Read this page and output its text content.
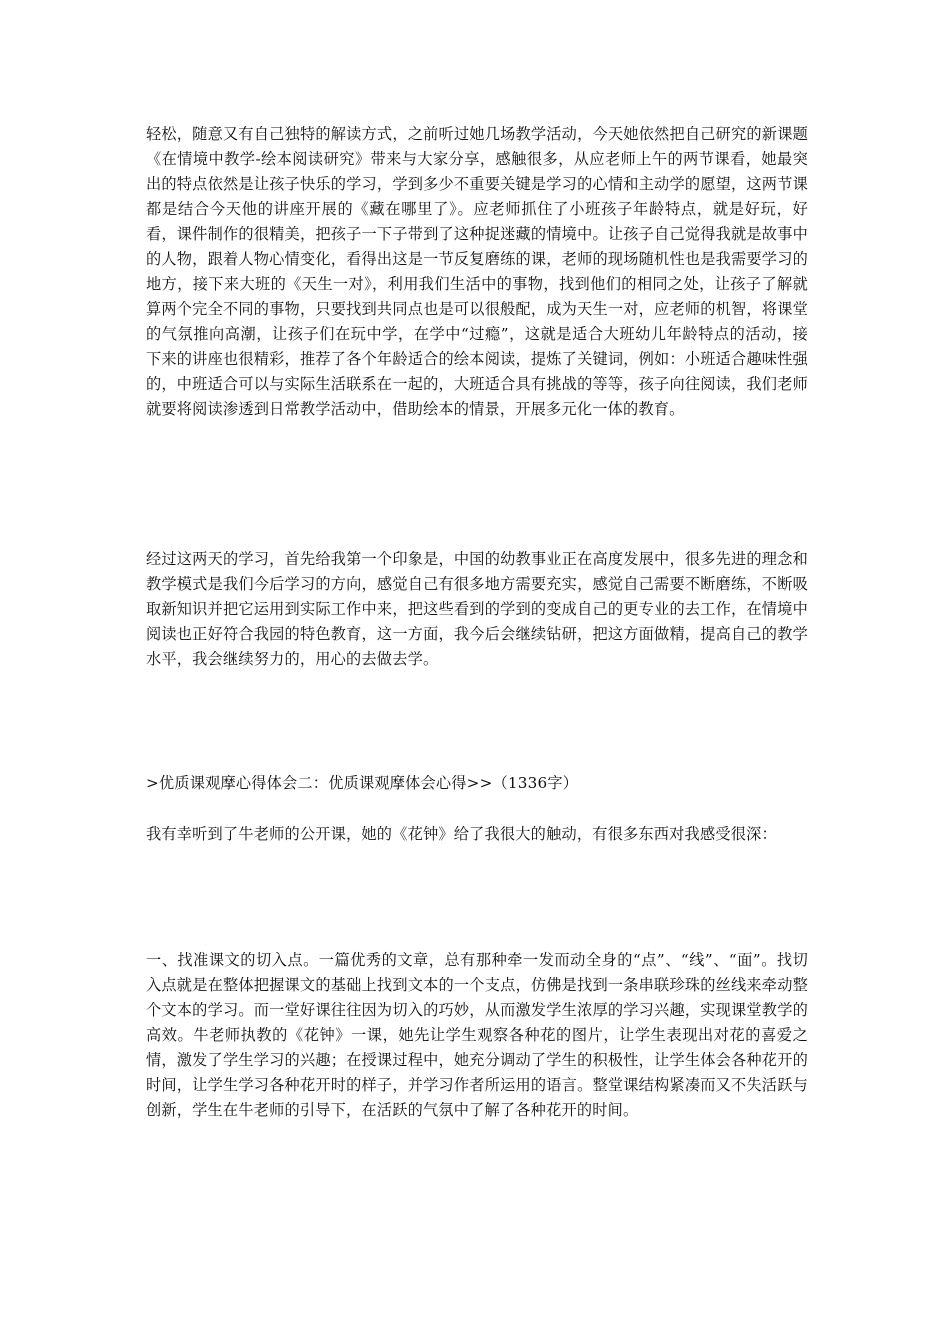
轻松，随意又有自己独特的解读方式，之前听过她几场教学活动，今天她依然把自己研究的新课题《在情境中教学-绘本阅读研究》带来与大家分享，感触很多，从应老师上午的两节课看，她最突出的特点依然是让孩子快乐的学习，学到多少不重要关键是学习的心情和主动学的愿望，这两节课都是结合今天他的讲座开展的《藏在哪里了》。应老师抓住了小班孩子年龄特点，就是好玩，好看，课件制作的很精美，把孩子一下子带到了这种捉迷藏的情境中。让孩子自己觉得我就是故事中的人物，跟着人物心情变化，看得出这是一节反复磨练的课，老师的现场随机性也是我需要学习的地方，接下来大班的《天生一对》，利用我们生活中的事物，找到他们的相同之处，让孩子了解就算两个完全不同的事物，只要找到共同点也是可以很般配，成为天生一对，应老师的机智，将课堂的气氛推向高潮，让孩子们在玩中学，在学中“过瘾”，这就是适合大班幼儿年龄特点的活动，接下来的讲座也很精彩，推荐了各个年龄适合的绘本阅读，提炼了关键词，例如：小班适合趣味性强的，中班适合可以与实际生活联系在一起的，大班适合具有挑战的等等，孩子向往阅读，我们老师就要将阅读渗透到日常教学活动中，借助绘本的情景，开展多元化一体的教育。

经过这两天的学习，首先给我第一个印象是，中国的幼教事业正在高度发展中，很多先进的理念和教学模式是我们今后学习的方向，感觉自己有很多地方需要充实，感觉自己需要不断磨练，不断吸取新知识并把它运用到实际工作中来，把这些看到的学到的变成自己的更专业的去工作，在情境中阅读也正好符合我园的特色教育，这一方面，我今后会继续钻研，把这方面做精，提高自己的教学水平，我会继续努力的，用心的去做去学。

>优质课观摩心得体会二：优质课观摩体会心得>>（1336字）

我有幸听到了牛老师的公开课，她的《花钟》给了我很大的触动，有很多东西对我感受很深：

一、找准课文的切入点。一篇优秀的文章，总有那种牵一发而动全身的“点”、“线”、“面”。找切入点就是在整体把握课文的基础上找到文本的一个支点，仿佛是找到一条串联珍珠的丝线来牵动整个文本的学习。而一堂好课往往因为切入的巧妙，从而激发学生浓厚的学习兴趣，实现课堂教学的高效。牛老师执教的《花钟》一课，她先让学生观察各种花的图片，让学生表现出对花的喜爱之情，激发了学生学习的兴趣；在授课过程中，她充分调动了学生的积极性，让学生体会各种花开的时间，让学生学习各种花开时的样子，并学习作者所运用的语言。整堂课结构紧凑而又不失活跃与创新，学生在牛老师的引导下，在活跃的气氛中了解了各种花开的时间。
